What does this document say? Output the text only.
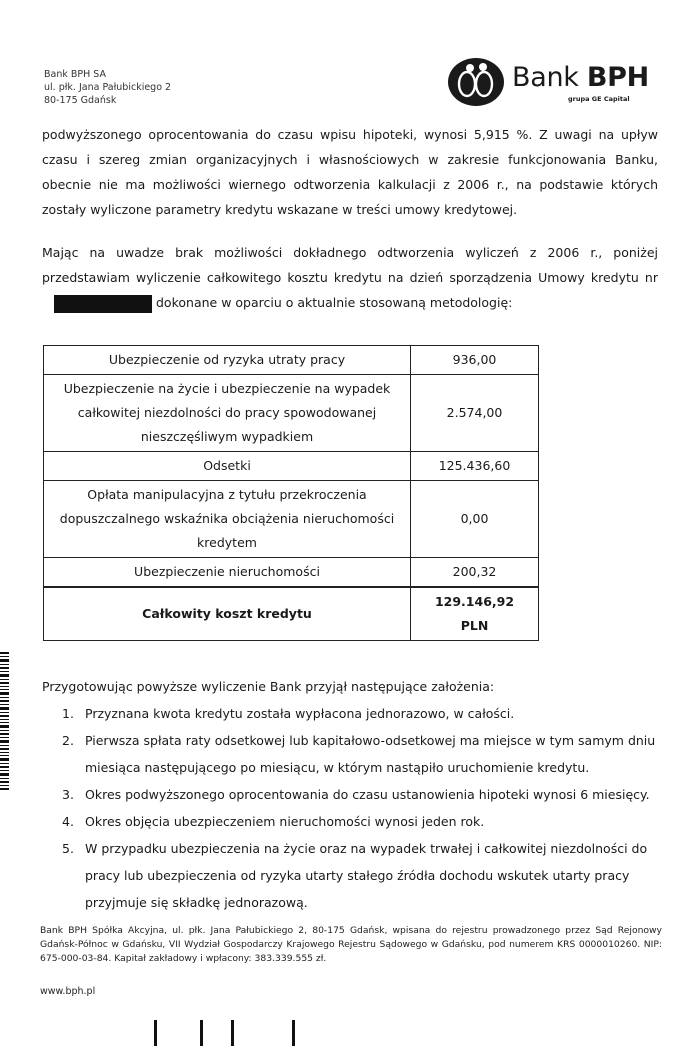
Bank BPH SA
ul. płk. Jana Pałubickiego 2
80-175 Gdańsk
Bank BPH
grupa GE Capital
podwyższonego oprocentowania do czasu wpisu hipoteki, wynosi 5,915 %. Z uwagi na upływ czasu i szereg zmian organizacyjnych i własnościowych w zakresie funkcjonowania Banku, obecnie nie ma możliwości wiernego odtworzenia kalkulacji z 2006 r., na podstawie których zostały wyliczone parametry kredytu wskazane w treści umowy kredytowej.
Mając na uwadze brak możliwości dokładnego odtworzenia wyliczeń z 2006 r., poniżej przedstawiam wyliczenie całkowitego kosztu kredytu na dzień sporządzenia Umowy kredytu nrdokonane w oparciu o aktualnie stosowaną metodologię:
Ubezpieczenie od ryzyka utraty pracy	936,00
Ubezpieczenie na życie i ubezpieczenie na wypadek całkowitej niezdolności do pracy spowodowanej nieszczęśliwym wypadkiem	2.574,00
Odsetki	125.436,60
Opłata manipulacyjna z tytułu przekroczenia dopuszczalnego wskaźnika obciążenia nieruchomości kredytem	0,00
Ubezpieczenie nieruchomości	200,32
Całkowity koszt kredytu	129.146,92 PLN
Przygotowując powyższe wyliczenie Bank przyjął następujące założenia:
1. Przyznana kwota kredytu została wypłacona jednorazowo, w całości.
2. Pierwsza spłata raty odsetkowej lub kapitałowo-odsetkowej ma miejsce w tym samym dniu miesiąca następującego po miesiącu, w którym nastąpiło uruchomienie kredytu.
3. Okres podwyższonego oprocentowania do czasu ustanowienia hipoteki wynosi 6 miesięcy.
4. Okres objęcia ubezpieczeniem nieruchomości wynosi jeden rok.
5. W przypadku ubezpieczenia na życie oraz na wypadek trwałej i całkowitej niezdolności do pracy lub ubezpieczenia od ryzyka utarty stałego źródła dochodu wskutek utarty pracy przyjmuje się składkę jednorazową.
Bank BPH Spółka Akcyjna, ul. płk. Jana Pałubickiego 2, 80-175 Gdańsk, wpisana do rejestru prowadzonego przez Sąd Rejonowy Gdańsk-Północ w Gdańsku, VII Wydział Gospodarczy Krajowego Rejestru Sądowego w Gdańsku, pod numerem KRS 0000010260. NIP: 675-000-03-84. Kapitał zakładowy i wpłacony: 383.339.555 zł.
www.bph.pl
